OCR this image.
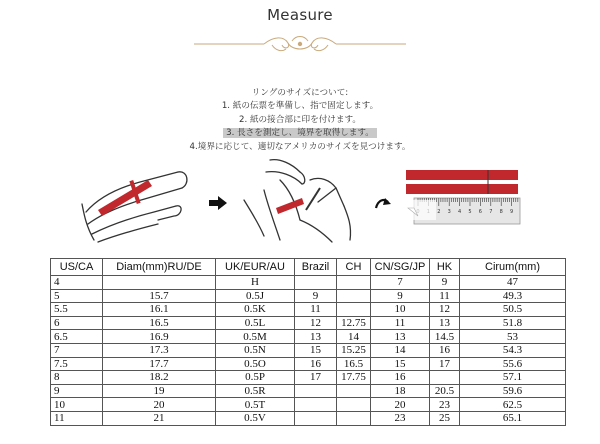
Measure
リングのサイズについて:
1. 紙の伝票を準備し、指で固定します。
2. 紙の接合部に印を付けます。
3. 長さを測定し、境界を取得します。
4.境界に応じて、適切なアメリカのサイズを見つけます。
2 3 4 5 6 7 8 9
US/CA	Diam(mm)RU/DE	UK/EUR/AU	Brazil	CH	CN/SG/JP	HK	Cirum(mm)
4		H			7	9	47
5	15.7	0.5J	9		9	11	49.3
5.5	16.1	0.5K	11		10	12	50.5
6	16.5	0.5L	12	12.75	11	13	51.8
6.5	16.9	0.5M	13	14	13	14.5	53
7	17.3	0.5N	15	15.25	14	16	54.3
7.5	17.7	0.5O	16	16.5	15	17	55.6
8	18.2	0.5P	17	17.75	16		57.1
9	19	0.5R			18	20.5	59.6
10	20	0.5T			20	23	62.5
11	21	0.5V			23	25	65.1
